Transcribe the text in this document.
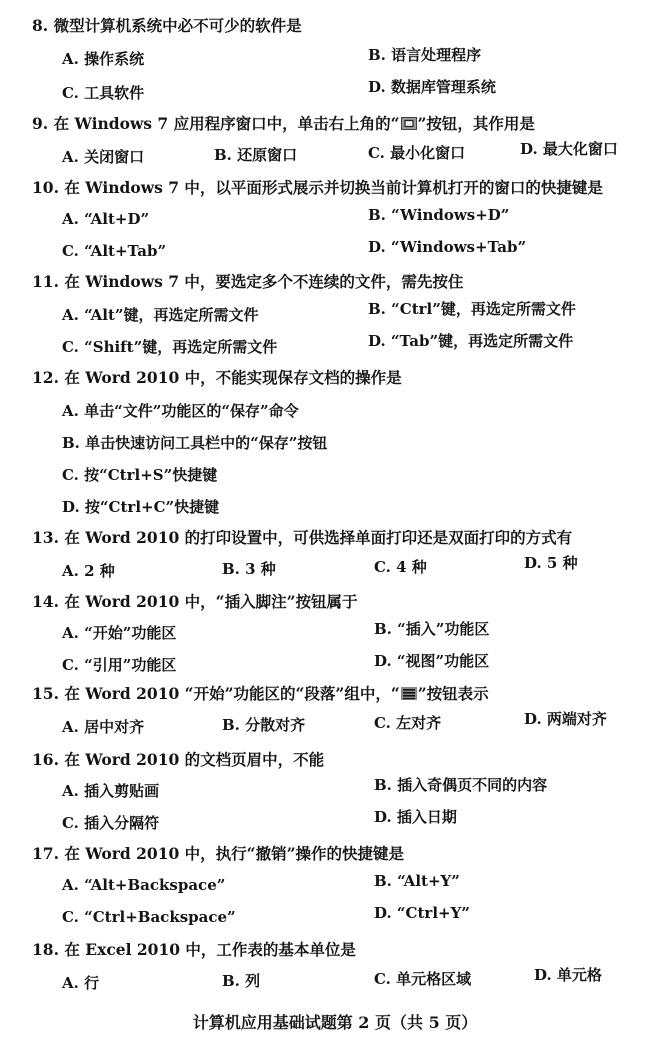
8. 微型计算机系统中必不可少的软件是
A. 操作系统	B. 语言处理程序
C. 工具软件	D. 数据库管理系统
9. 在 Windows 7 应用程序窗口中，单击右上角的“ ”按钮，其作用是
A. 关闭窗口	B. 还原窗口	C. 最小化窗口	D. 最大化窗口
10. 在 Windows 7 中，以平面形式展示并切换当前计算机打开的窗口的快捷键是
A. “Alt+D”	B. “Windows+D”
C. “Alt+Tab”	D. “Windows+Tab”
11. 在 Windows 7 中，要选定多个不连续的文件，需先按住
A. “Alt”键，再选定所需文件	B. “Ctrl”键，再选定所需文件
C. “Shift”键，再选定所需文件	D. “Tab”键，再选定所需文件
12. 在 Word 2010 中，不能实现保存文档的操作是
A. 单击“文件”功能区的“保存”命令
B. 单击快速访问工具栏中的“保存”按钮
C. 按“Ctrl+S”快捷键
D. 按“Ctrl+C”快捷键
13. 在 Word 2010 的打印设置中，可供选择单面打印还是双面打印的方式有
A. 2 种	B. 3 种	C. 4 种	D. 5 种
14. 在 Word 2010 中，“插入脚注”按钮属于
A. “开始”功能区	B. “插入”功能区
C. “引用”功能区	D. “视图”功能区
15. 在 Word 2010 “开始”功能区的“段落”组中，“ ”按钮表示
A. 居中对齐	B. 分散对齐	C. 左对齐	D. 两端对齐
16. 在 Word 2010 的文档页眉中，不能
A. 插入剪贴画	B. 插入奇偶页不同的内容
C. 插入分隔符	D. 插入日期
17. 在 Word 2010 中，执行“撤销”操作的快捷键是
A. “Alt+Backspace”	B. “Alt+Y”
C. “Ctrl+Backspace”	D. “Ctrl+Y”
18. 在 Excel 2010 中，工作表的基本单位是
A. 行	B. 列	C. 单元格区域	D. 单元格
计算机应用基础试题第 2 页（共 5 页）
